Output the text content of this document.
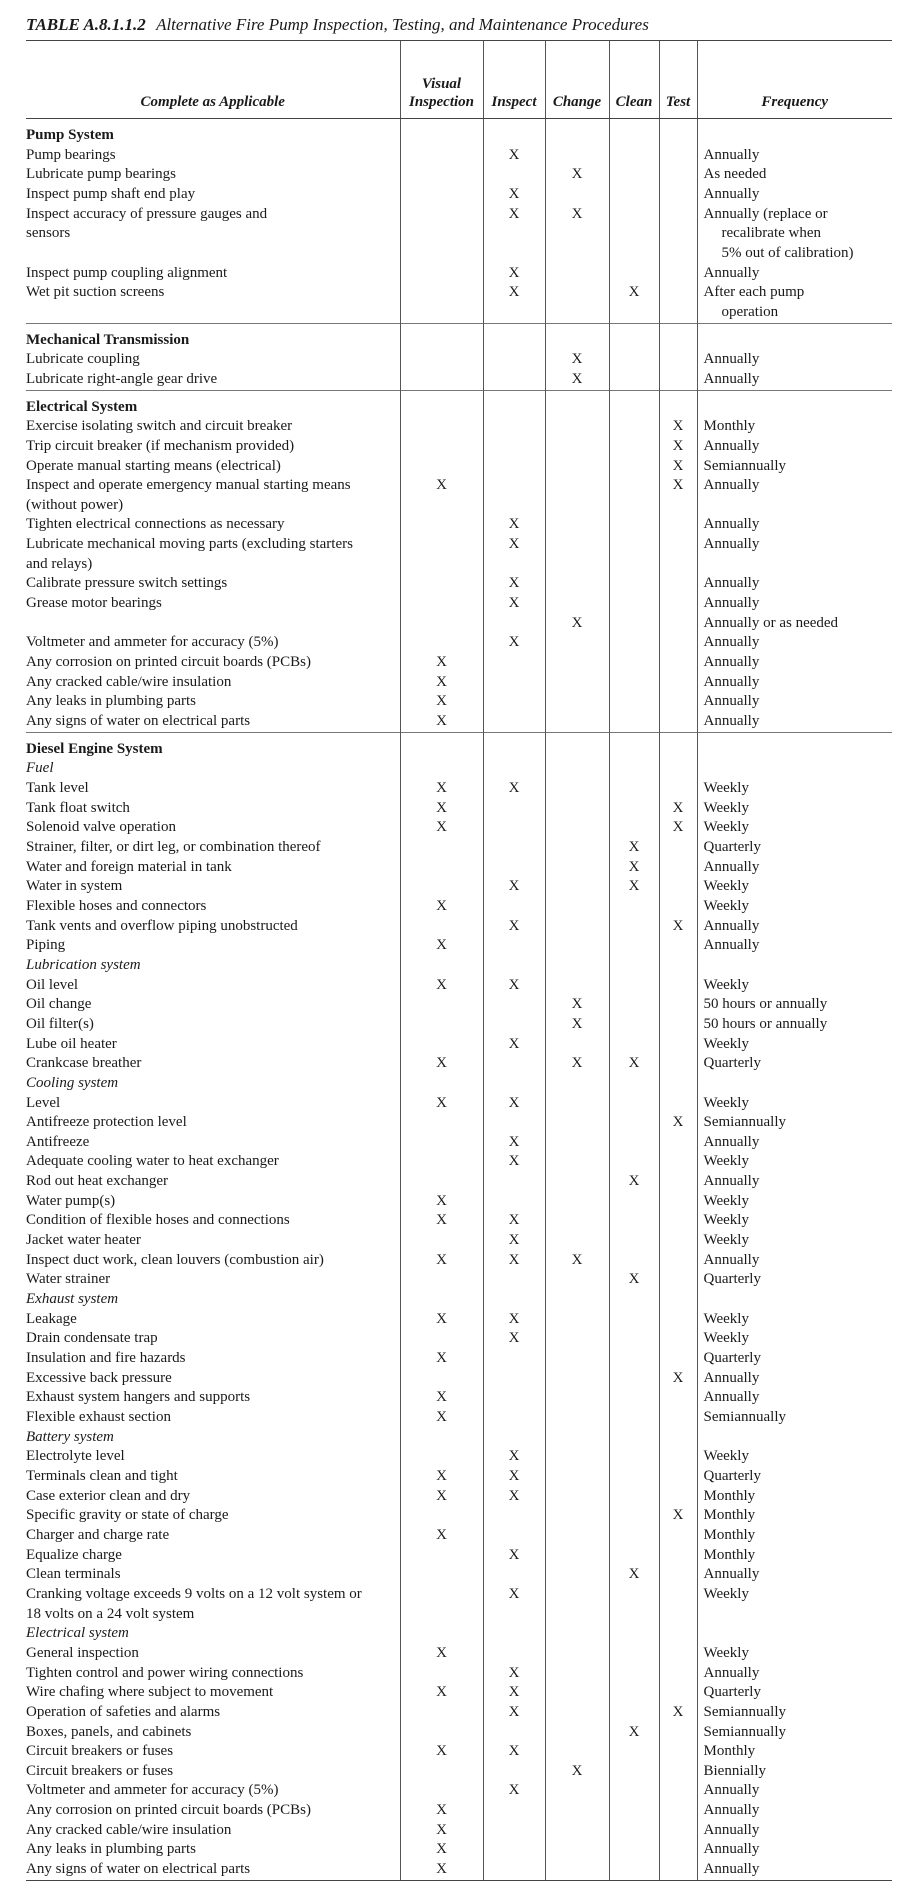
TABLE A.8.1.1.2 Alternative Fire Pump Inspection, Testing, and Maintenance Procedures
Complete as Applicable	Visual Inspection	Inspect	Change	Clean	Test	Frequency
Pump System						
Pump bearings		X				Annually
Lubricate pump bearings			X			As needed
Inspect pump shaft end play		X				Annually
Inspect accuracy of pressure gauges and		X	X			Annually (replace or
sensors						recalibrate when
						5% out of calibration)
Inspect pump coupling alignment		X				Annually
Wet pit suction screens		X		X		After each pump
						operation
Mechanical Transmission						
Lubricate coupling			X			Annually
Lubricate right-angle gear drive			X			Annually
Electrical System						
Exercise isolating switch and circuit breaker					X	Monthly
Trip circuit breaker (if mechanism provided)					X	Annually
Operate manual starting means (electrical)					X	Semiannually
Inspect and operate emergency manual starting means	X				X	Annually
(without power)						
Tighten electrical connections as necessary		X				Annually
Lubricate mechanical moving parts (excluding starters		X				Annually
and relays)						
Calibrate pressure switch settings		X				Annually
Grease motor bearings		X				Annually
			X			Annually or as needed
Voltmeter and ammeter for accuracy (5%)		X				Annually
Any corrosion on printed circuit boards (PCBs)	X					Annually
Any cracked cable/wire insulation	X					Annually
Any leaks in plumbing parts	X					Annually
Any signs of water on electrical parts	X					Annually
Diesel Engine System						
Fuel						
Tank level	X	X				Weekly
Tank float switch	X				X	Weekly
Solenoid valve operation	X				X	Weekly
Strainer, filter, or dirt leg, or combination thereof				X		Quarterly
Water and foreign material in tank				X		Annually
Water in system		X		X		Weekly
Flexible hoses and connectors	X					Weekly
Tank vents and overflow piping unobstructed		X			X	Annually
Piping	X					Annually
Lubrication system						
Oil level	X	X				Weekly
Oil change			X			50 hours or annually
Oil filter(s)			X			50 hours or annually
Lube oil heater		X				Weekly
Crankcase breather	X		X	X		Quarterly
Cooling system						
Level	X	X				Weekly
Antifreeze protection level					X	Semiannually
Antifreeze		X				Annually
Adequate cooling water to heat exchanger		X				Weekly
Rod out heat exchanger				X		Annually
Water pump(s)	X					Weekly
Condition of flexible hoses and connections	X	X				Weekly
Jacket water heater		X				Weekly
Inspect duct work, clean louvers (combustion air)	X	X	X			Annually
Water strainer				X		Quarterly
Exhaust system						
Leakage	X	X				Weekly
Drain condensate trap		X				Weekly
Insulation and fire hazards	X					Quarterly
Excessive back pressure					X	Annually
Exhaust system hangers and supports	X					Annually
Flexible exhaust section	X					Semiannually
Battery system						
Electrolyte level		X				Weekly
Terminals clean and tight	X	X				Quarterly
Case exterior clean and dry	X	X				Monthly
Specific gravity or state of charge					X	Monthly
Charger and charge rate	X					Monthly
Equalize charge		X				Monthly
Clean terminals				X		Annually
Cranking voltage exceeds 9 volts on a 12 volt system or		X				Weekly
18 volts on a 24 volt system						
Electrical system						
General inspection	X					Weekly
Tighten control and power wiring connections		X				Annually
Wire chafing where subject to movement	X	X				Quarterly
Operation of safeties and alarms		X			X	Semiannually
Boxes, panels, and cabinets				X		Semiannually
Circuit breakers or fuses	X	X				Monthly
Circuit breakers or fuses			X			Biennially
Voltmeter and ammeter for accuracy (5%)		X				Annually
Any corrosion on printed circuit boards (PCBs)	X					Annually
Any cracked cable/wire insulation	X					Annually
Any leaks in plumbing parts	X					Annually
Any signs of water on electrical parts	X					Annually
